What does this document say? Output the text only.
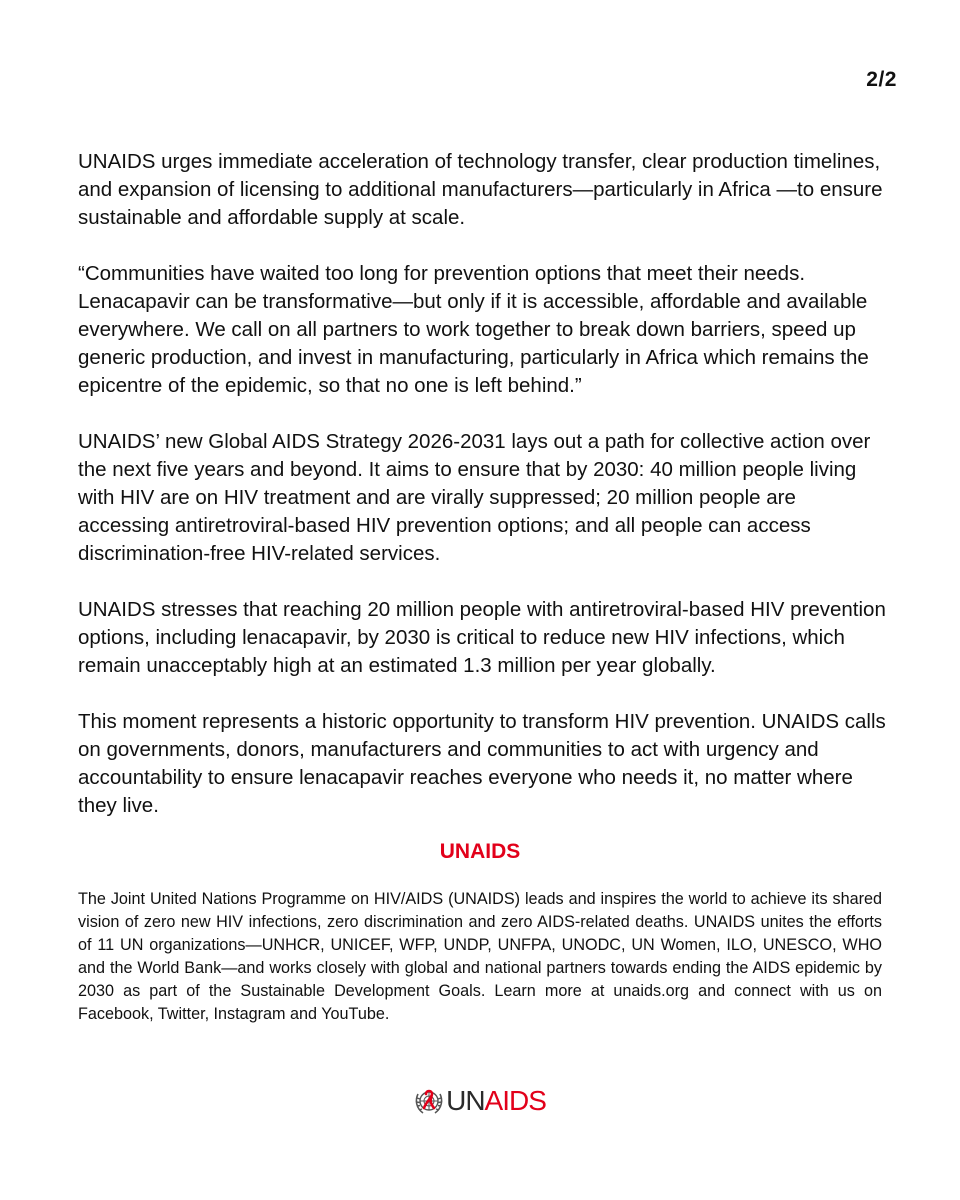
2/2

UNAIDS urges immediate acceleration of technology transfer, clear production timelines, and expansion of licensing to additional manufacturers—particularly in Africa —to ensure sustainable and affordable supply at scale.

“Communities have waited too long for prevention options that meet their needs. Lenacapavir can be transformative—but only if it is accessible, affordable and available everywhere. We call on all partners to work together to break down barriers, speed up generic production, and invest in manufacturing, particularly in Africa which remains the epicentre of the epidemic, so that no one is left behind.”

UNAIDS’ new Global AIDS Strategy 2026-2031 lays out a path for collective action over the next five years and beyond. It aims to ensure that by 2030: 40 million people living with HIV are on HIV treatment and are virally suppressed; 20 million people are accessing antiretroviral-based HIV prevention options; and all people can access discrimination-free HIV-related services.

UNAIDS stresses that reaching 20 million people with antiretroviral-based HIV prevention options, including lenacapavir, by 2030 is critical to reduce new HIV infections, which remain unacceptably high at an estimated 1.3 million per year globally.

This moment represents a historic opportunity to transform HIV prevention. UNAIDS calls on governments, donors, manufacturers and communities to act with urgency and accountability to ensure lenacapavir reaches everyone who needs it, no matter where they live.

UNAIDS

The Joint United Nations Programme on HIV/AIDS (UNAIDS) leads and inspires the world to achieve its shared vision of zero new HIV infections, zero discrimination and zero AIDS-related deaths. UNAIDS unites the efforts of 11 UN organizations—UNHCR, UNICEF, WFP, UNDP, UNFPA, UNODC, UN Women, ILO, UNESCO, WHO and the World Bank—and works closely with global and national partners towards ending the AIDS epidemic by 2030 as part of the Sustainable Development Goals. Learn more at unaids.org and connect with us on Facebook, Twitter, Instagram and YouTube.

UNAIDS
